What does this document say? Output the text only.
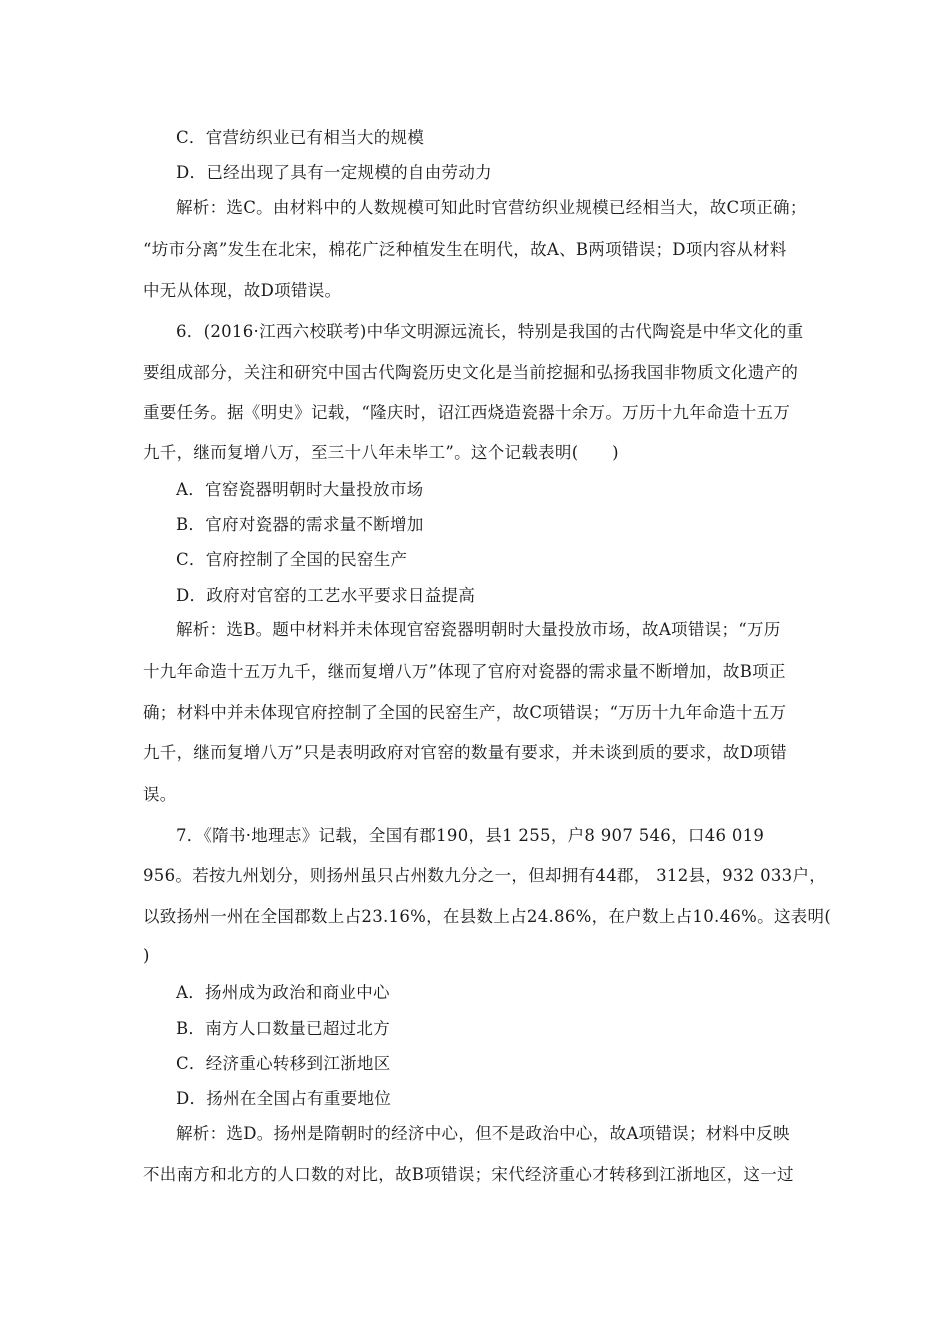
C．官营纺织业已有相当大的规模
D．已经出现了具有一定规模的自由劳动力
解析：选C。由材料中的人数规模可知此时官营纺织业规模已经相当大，故C项正确；
“坊市分离”发生在北宋，棉花广泛种植发生在明代，故A、B两项错误；D项内容从材料
中无从体现，故D项错误。
6．(2016·江西六校联考)中华文明源远流长，特别是我国的古代陶瓷是中华文化的重
要组成部分，关注和研究中国古代陶瓷历史文化是当前挖掘和弘扬我国非物质文化遗产的
重要任务。据《明史》记载，“隆庆时，诏江西烧造瓷器十余万。万历十九年命造十五万
九千，继而复增八万，至三十八年未毕工”。这个记载表明(　　)
A．官窑瓷器明朝时大量投放市场
B．官府对瓷器的需求量不断增加
C．官府控制了全国的民窑生产
D．政府对官窑的工艺水平要求日益提高
解析：选B。题中材料并未体现官窑瓷器明朝时大量投放市场，故A项错误；“万历
十九年命造十五万九千，继而复增八万”体现了官府对瓷器的需求量不断增加，故B项正
确；材料中并未体现官府控制了全国的民窑生产，故C项错误；“万历十九年命造十五万
九千，继而复增八万”只是表明政府对官窑的数量有要求，并未谈到质的要求，故D项错
误。
7．《隋书·地理志》记载，全国有郡190，县1 255，户8 907 546，口46 019
956。若按九州划分，则扬州虽只占州数九分之一，但却拥有44郡， 312县，932 033户，
以致扬州一州在全国郡数上占23.16%，在县数上占24.86%，在户数上占10.46%。这表明(
)
A．扬州成为政治和商业中心
B．南方人口数量已超过北方
C．经济重心转移到江浙地区
D．扬州在全国占有重要地位
解析：选D。扬州是隋朝时的经济中心，但不是政治中心，故A项错误；材料中反映
不出南方和北方的人口数的对比，故B项错误；宋代经济重心才转移到江浙地区，这一过
